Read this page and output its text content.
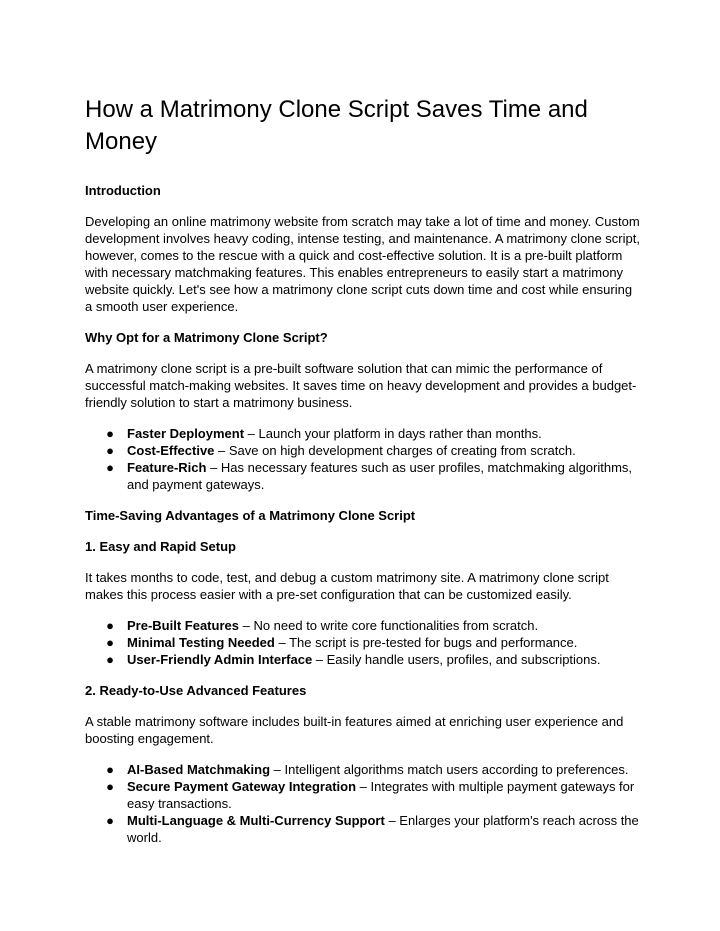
How a Matrimony Clone Script Saves Time and Money
Introduction

Developing an online matrimony website from scratch may take a lot of time and money. Custom development involves heavy coding, intense testing, and maintenance. A matrimony clone script, however, comes to the rescue with a quick and cost-effective solution. It is a pre-built platform with necessary matchmaking features. This enables entrepreneurs to easily start a matrimony website quickly. Let's see how a matrimony clone script cuts down time and cost while ensuring a smooth user experience.

Why Opt for a Matrimony Clone Script?

A matrimony clone script is a pre-built software solution that can mimic the performance of successful match-making websites. It saves time on heavy development and provides a budget-friendly solution to start a matrimony business.

● Faster Deployment – Launch your platform in days rather than months.
● Cost-Effective – Save on high development charges of creating from scratch.
● Feature-Rich – Has necessary features such as user profiles, matchmaking algorithms, and payment gateways.
Time-Saving Advantages of a Matrimony Clone Script
1. Easy and Rapid Setup

It takes months to code, test, and debug a custom matrimony site. A matrimony clone script makes this process easier with a pre-set configuration that can be customized easily.

● Pre-Built Features – No need to write core functionalities from scratch.
● Minimal Testing Needed – The script is pre-tested for bugs and performance.
● User-Friendly Admin Interface – Easily handle users, profiles, and subscriptions.
2. Ready-to-Use Advanced Features

A stable matrimony software includes built-in features aimed at enriching user experience and boosting engagement.

● AI-Based Matchmaking – Intelligent algorithms match users according to preferences.
● Secure Payment Gateway Integration – Integrates with multiple payment gateways for easy transactions.
● Multi-Language & Multi-Currency Support – Enlarges your platform's reach across the world.
